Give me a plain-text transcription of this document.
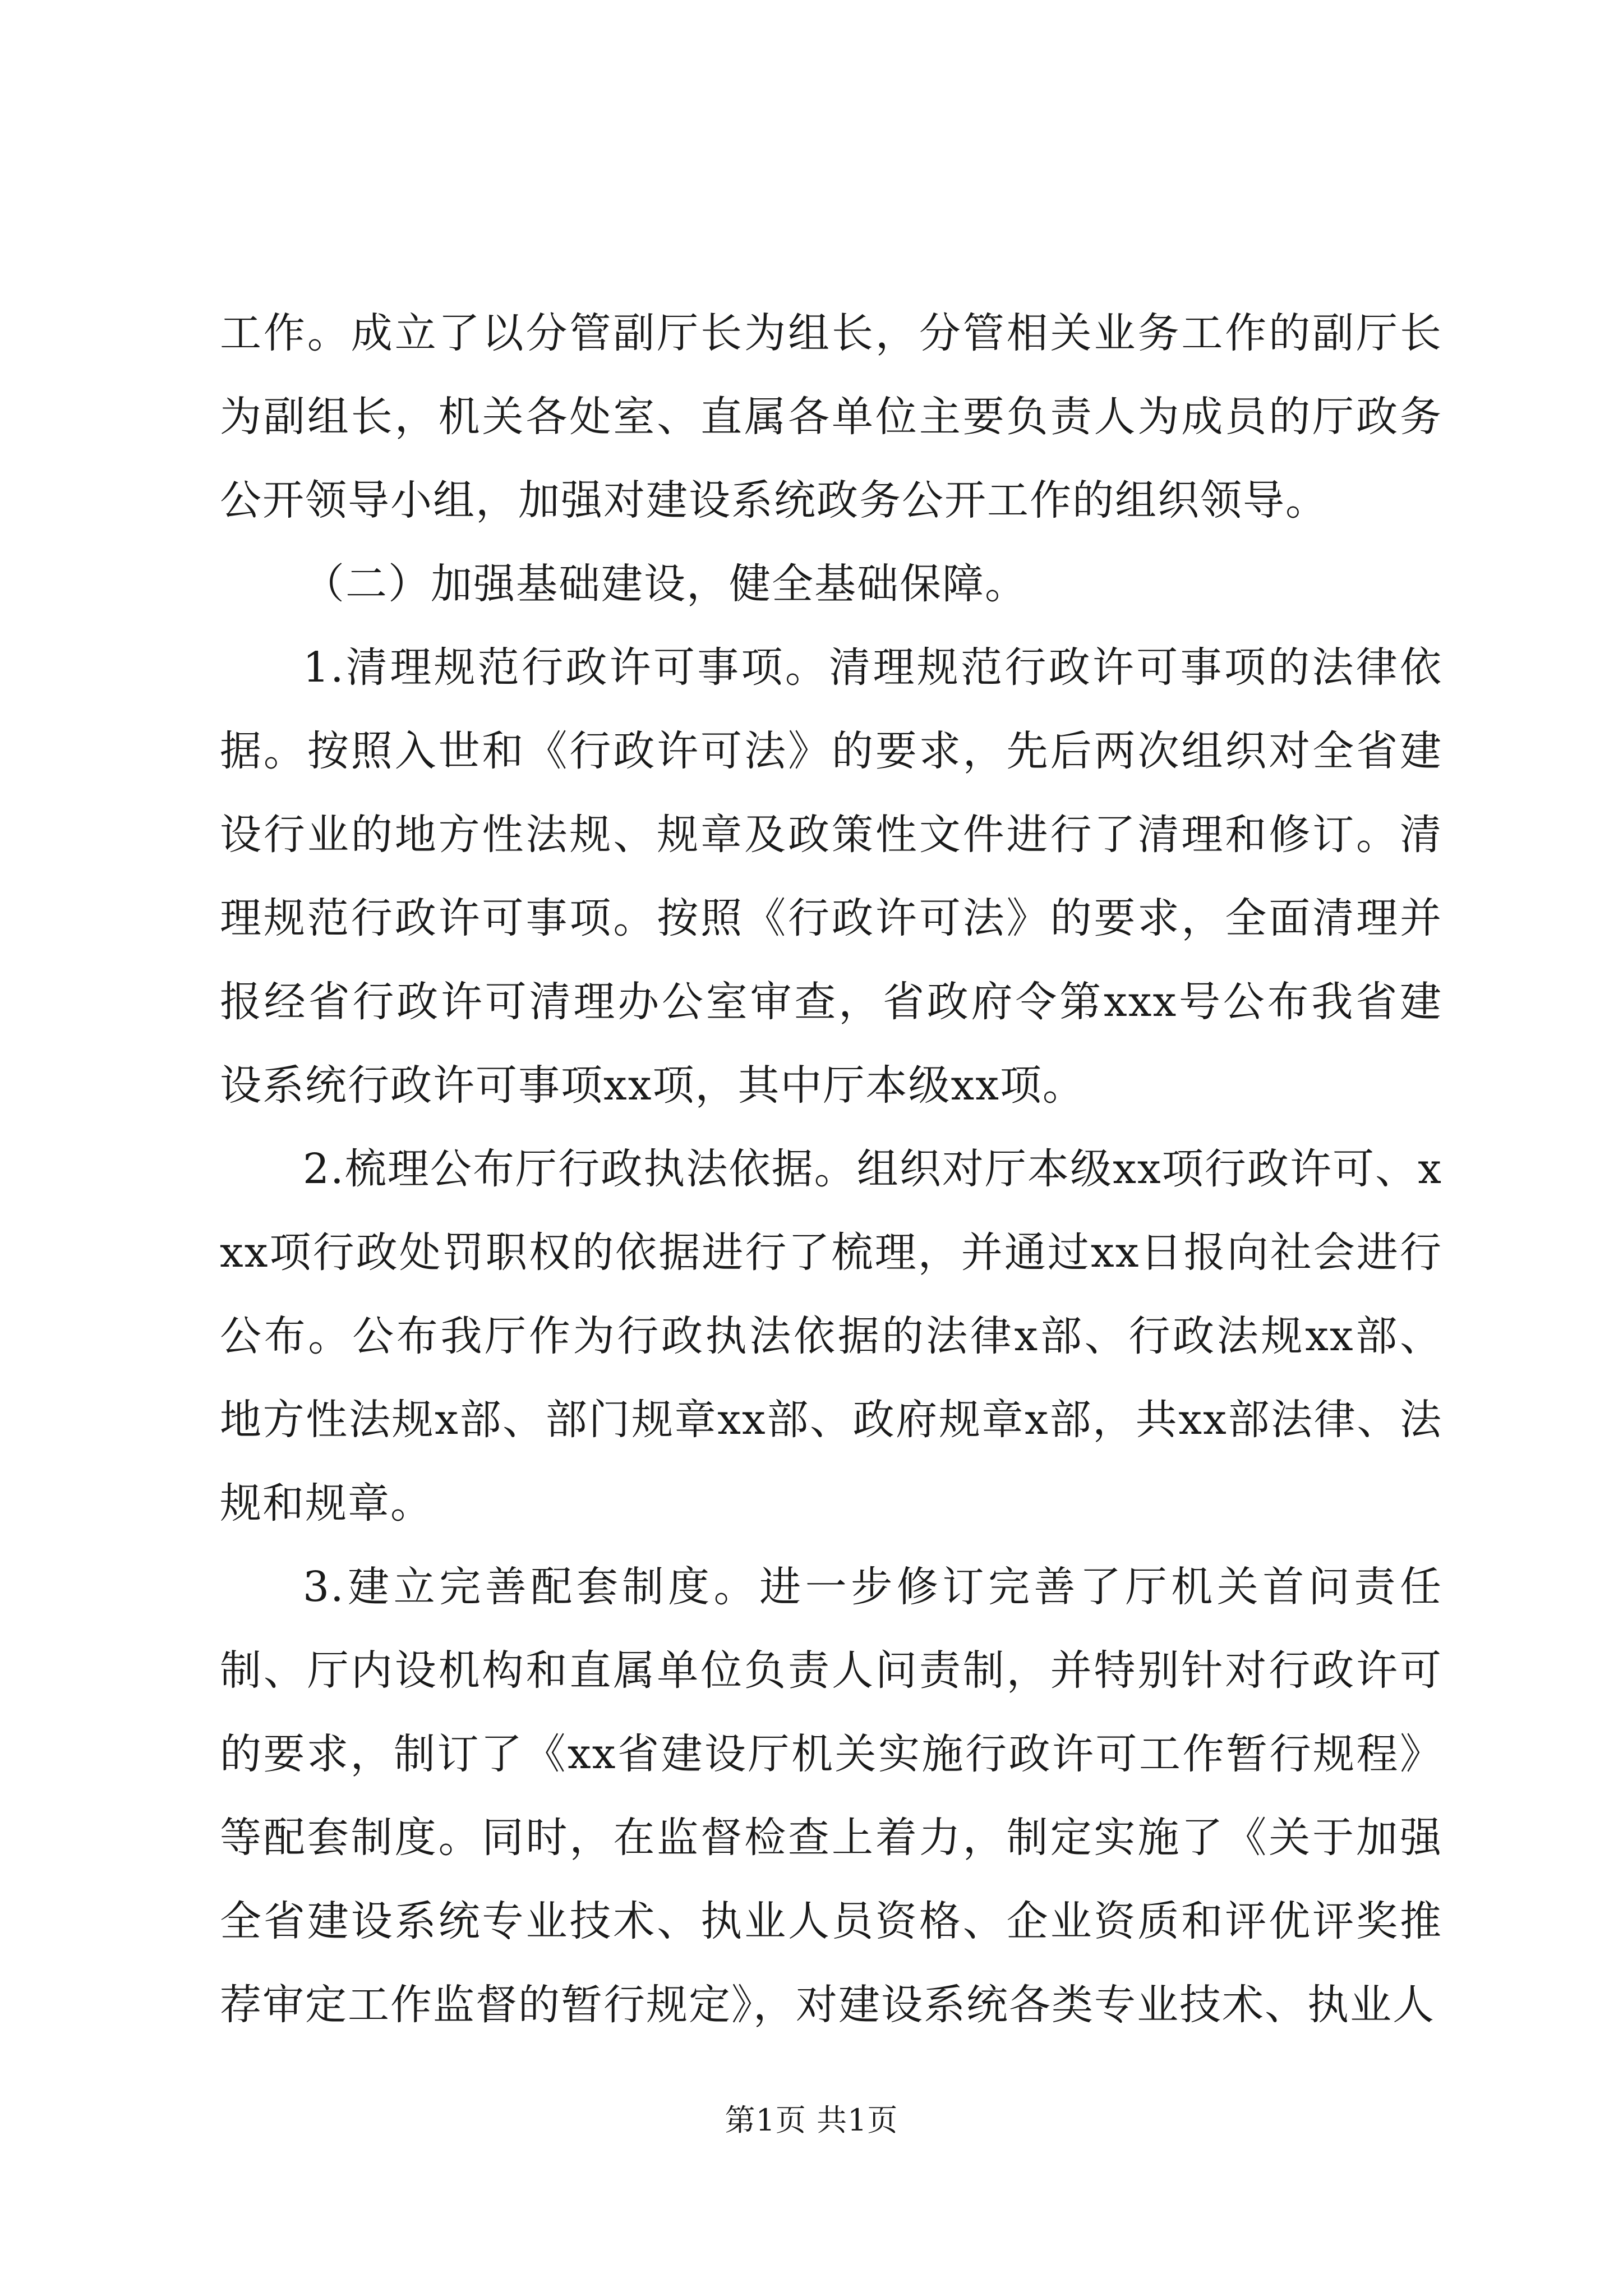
工作。成立了以分管副厅长为组长，分管相关业务工作的副厅长为副组长，机关各处室、直属各单位主要负责人为成员的厅政务公开领导小组，加强对建设系统政务公开工作的组织领导。

（二）加强基础建设，健全基础保障。

1.清理规范行政许可事项。清理规范行政许可事项的法律依据。按照入世和《行政许可法》的要求，先后两次组织对全省建设行业的地方性法规、规章及政策性文件进行了清理和修订。清理规范行政许可事项。按照《行政许可法》的要求，全面清理并报经省行政许可清理办公室审查，省政府令第xxx号公布我省建设系统行政许可事项xx项，其中厅本级xx项。

2.梳理公布厅行政执法依据。组织对厅本级xx项行政许可、xxx项行政处罚职权的依据进行了梳理，并通过xx日报向社会进行公布。公布我厅作为行政执法依据的法律x部、行政法规xx部、地方性法规x部、部门规章xx部、政府规章x部，共xx部法律、法规和规章。

3.建立完善配套制度。进一步修订完善了厅机关首问责任制、厅内设机构和直属单位负责人问责制，并特别针对行政许可的要求，制订了《xx省建设厅机关实施行政许可工作暂行规程》等配套制度。同时，在监督检查上着力，制定实施了《关于加强全省建设系统专业技术、执业人员资格、企业资质和评优评奖推荐审定工作监督的暂行规定》，对建设系统各类专业技术、执业人

第1页 共1页
